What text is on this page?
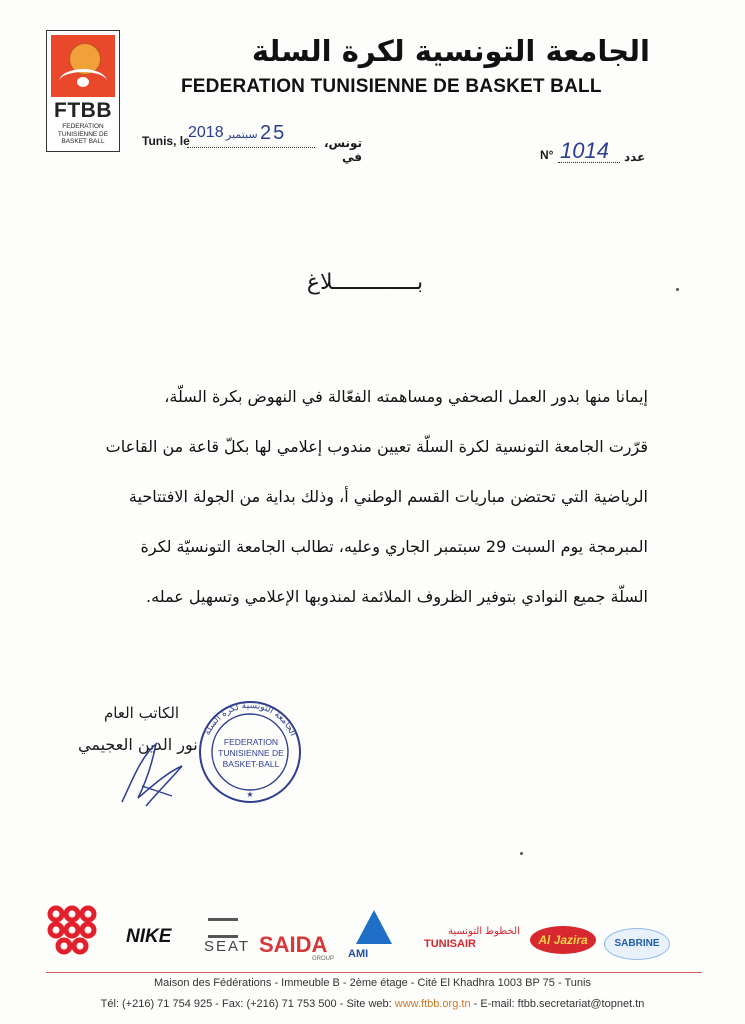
FTBB
FEDERATION
TUNISIENNE DE
BASKET BALL
الجامعة التونسية لكرة السلة
FEDERATION TUNISIENNE DE BASKET BALL
Tunis, le
2018 سبتمبر 25	تونس، في	N° 1014 عدد
بـــــــــــــلاغ

إيمانا منها بدور العمل الصحفي ومساهمته الفعّالة في النهوض بكرة السلّة،

قرّرت الجامعة التونسية لكرة السلّة تعيين مندوب إعلامي لها بكلّ قاعة من القاعات

الرياضية التي تحتضن مباريات القسم الوطني أ، وذلك بداية من الجولة الافتتاحية

المبرمجة يوم السبت 29 سبتمبر الجاري وعليه، تطالب الجامعة التونسيّة لكرة

السلّة جميع النوادي بتوفير الظروف الملائمة لمندوبها الإعلامي وتسهيل عمله.

الكاتب العام
نور الدين العجيمي
الجامعة التونسية لكرة السلة
★
FEDERATION
TUNISIENNE DE
BASKET-BALL
NIKE SEAT SAIDA
GROUP AMI
الخطوط التونسية
TUNISAIR	Al Jazira	SABRINE
Maison des Fédérations - Immeuble B - 2ème étage - Cité El Khadhra 1003 BP 75 - Tunis
Tél: (+216) 71 754 925 - Fax: (+216) 71 753 500 - Site web: www.ftbb.org.tn - E-mail: ftbb.secretariat@topnet.tn
